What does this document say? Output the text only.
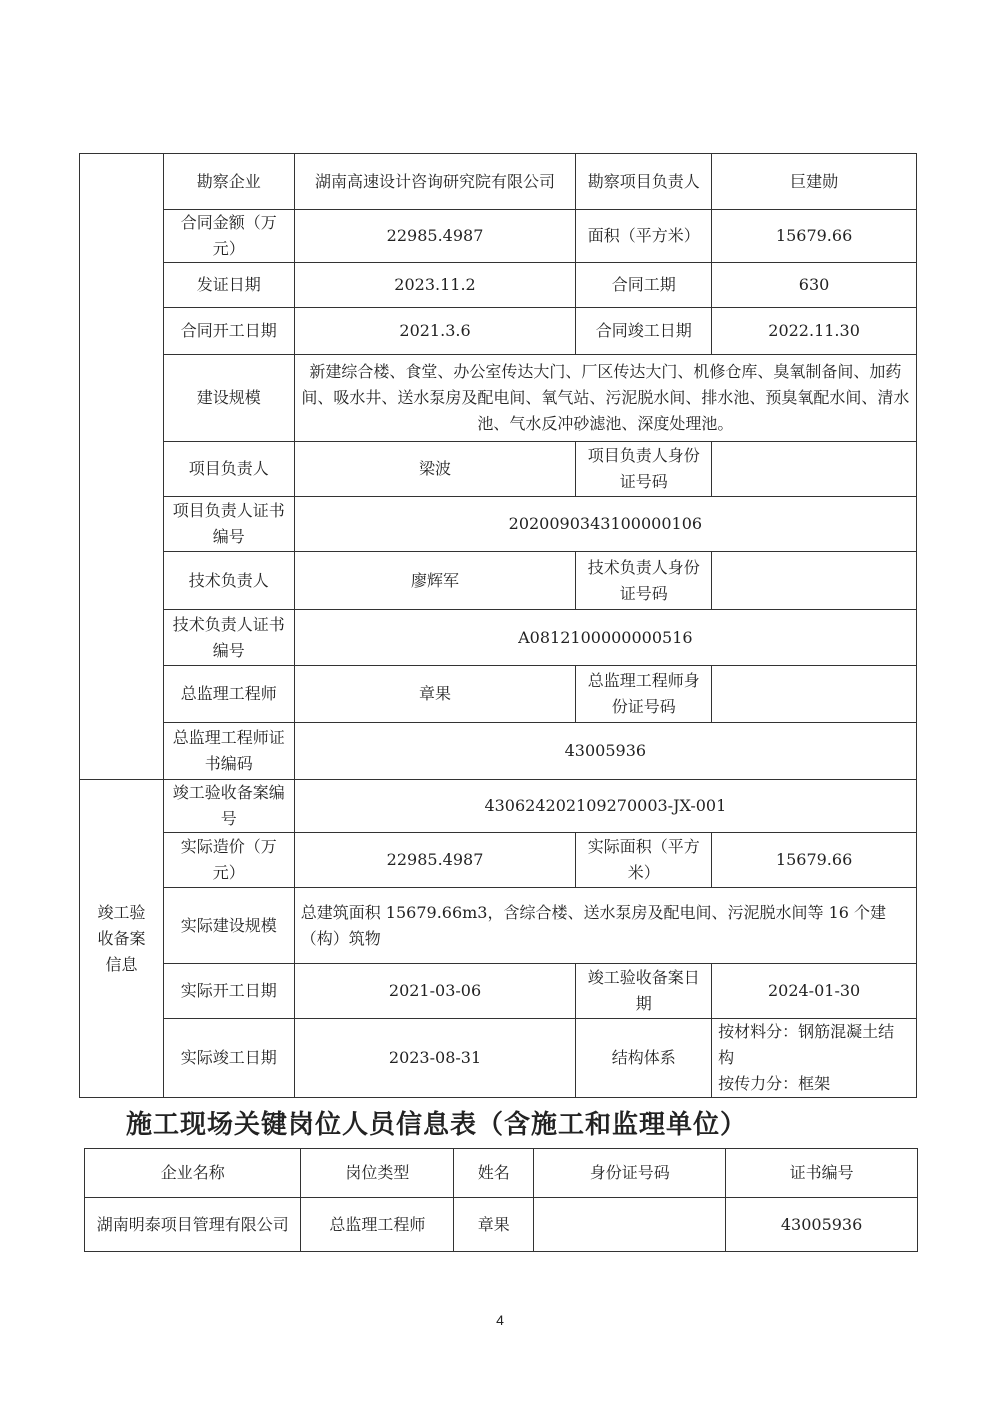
	勘察企业	湖南高速设计咨询研究院有限公司	勘察项目负责人	巨建勋
	合同金额（万元）	22985.4987	面积（平方米）	15679.66
	发证日期	2023.11.2	合同工期	630
	合同开工日期	2021.3.6	合同竣工日期	2022.11.30
	建设规模	新建综合楼、食堂、办公室传达大门、厂区传达大门、机修仓库、臭氧制备间、加药间、吸水井、送水泵房及配电间、氧气站、污泥脱水间、排水池、预臭氧配水间、清水池、气水反冲砂滤池、深度处理池。		
	项目负责人	梁波	项目负责人身份证号码	
	项目负责人证书编号	2020090343100000106		
	技术负责人	廖辉军	技术负责人身份证号码	
	技术负责人证书编号	A0812100000000516		
	总监理工程师	章果	总监理工程师身份证号码	
	总监理工程师证书编码	43005936		
竣工验收备案信息	竣工验收备案编号	430624202109270003-JX-001		
	实际造价（万元）	22985.4987	实际面积（平方米）	15679.66
	实际建设规模	总建筑面积 15679.66m3，含综合楼、送水泵房及配电间、污泥脱水间等 16 个建（构）筑物		
	实际开工日期	2021-03-06	竣工验收备案日期	2024-01-30
	实际竣工日期	2023-08-31	结构体系	按材料分：钢筋混凝土结构
按传力分：框架
施工现场关键岗位人员信息表（含施工和监理单位）
企业名称	岗位类型	姓名	身份证号码	证书编号
湖南明泰项目管理有限公司	总监理工程师	章果		43005936
4
